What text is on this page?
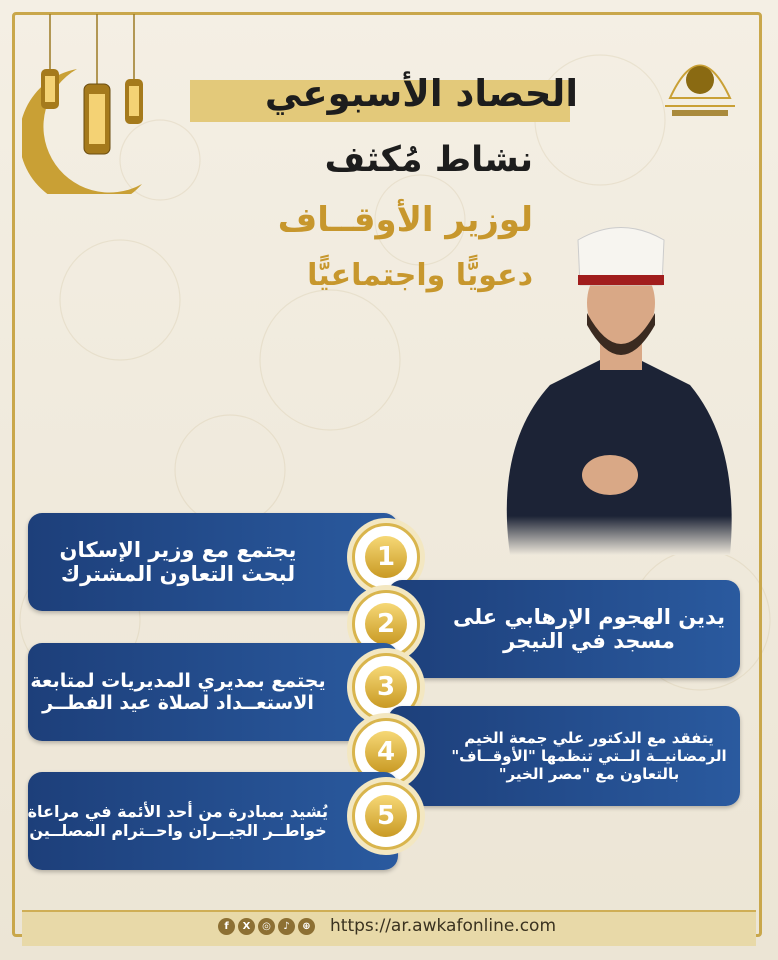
الحصاد الأسبوعي
نشاط مُكثف
لوزير الأوقــاف
دعويًّا واجتماعيًّا
يجتمع مع وزير الإسكان
لبحث التعاون المشترك
1
يدين الهجوم الإرهابي على
مسجد في النيجر
2
يجتمع بمديري المديريات لمتابعة
الاستعــداد لصلاة عيد الفطــر
3
يتفقد مع الدكتور علي جمعة الخيم
الرمضانيــة الــتي تنظمها "الأوقــاف"
بالتعاون مع "مصر الخير"
4
يُشيد بمبادرة من أحد الأئمة في مراعاة
خواطــر الجيــران واحــترام المصلــين	5
f	X	◎	♪	⊕ https://ar.awkafonline.com
